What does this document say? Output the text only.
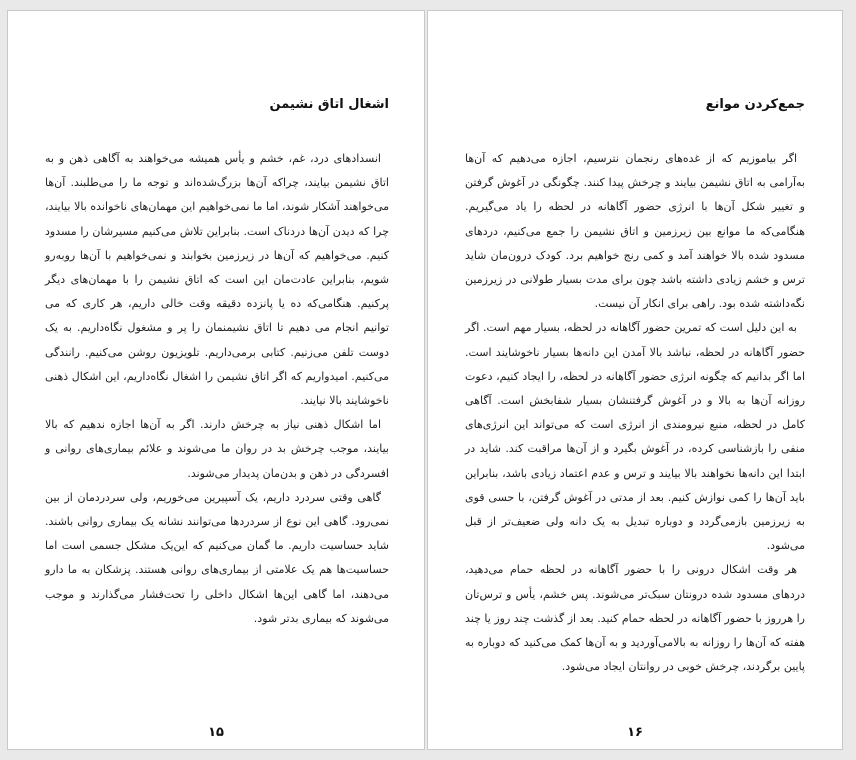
اشغال اتاق نشیمن

انسدادهای درد، غم، خشم و یأس همیشه می‌خواهند به آگاهی ذهن و به اتاق نشیمن بیایند، چراکه آن‌ها بزرگ‌شده‌اند و توجه ما را می‌طلبند. آن‌ها می‌خواهند آشکار شوند، اما ما نمی‌خواهیم این مهمان‌های ناخوانده بالا بیایند، چرا که دیدن آن‌ها دردناک است. بنابراین تلاش می‌کنیم مسیرشان را مسدود کنیم. می‌خواهیم که آن‌ها در زیرزمین بخوابند و نمی‌خواهیم با آن‌ها روبه‌رو شویم، بنابراین عادت‌مان این است که اتاق نشیمن را با مهمان‌های دیگر پرکنیم. هنگامی‌که ده یا پانزده دقیقه وقت خالی داریم، هر کاری که می توانیم انجام می دهیم تا اتاق نشیمنمان را پر و مشغول نگاه‌داریم. به یک دوست تلفن می‌زنیم. کتابی برمی‌داریم. تلویزیون روشن می‌کنیم. رانندگی می‌کنیم. امیدواریم که اگر اتاق نشیمن را اشغال نگاه‌داریم، این اشکال ذهنی ناخوشایند بالا نیایند.

اما اشکال ذهنی نیاز به چرخش دارند. اگر به آن‌ها اجازه ندهیم که بالا بیایند، موجب چرخش بد در روان ما می‌شوند و علائم بیماری‌های روانی و افسردگی در ذهن و بدن‌مان پدیدار می‌شوند.

گاهی وقتی سردرد داریم، یک آسپیرین می‌خوریم، ولی سردردمان از بین نمی‌رود. گاهی این نوع از سردردها می‌توانند نشانه یک بیماری روانی باشند. شاید حساسیت داریم. ما گمان می‌کنیم که این‌یک مشکل جسمی است اما حساسیت‌ها هم یک علامتی از بیماری‌های روانی هستند. پزشکان به ما دارو می‌دهند، اما گاهی این‌ها اشکال داخلی را تحت‌فشار می‌گذارند و موجب می‌شوند که بیماری بدتر شود.

۱۵
جمع‌کردن موانع

اگر بیاموزیم که از غده‌های رنجمان نترسیم، اجازه می‌دهیم که آن‌ها به‌آرامی به اتاق نشیمن بیایند و چرخش پیدا کنند. چگونگی در آغوش گرفتن و تغییر شکل آن‌ها با انرژی حضور آگاهانه در لحظه را یاد می‌گیریم. هنگامی‌که ما موانع بین زیرزمین و اتاق نشیمن را جمع می‌کنیم، دردهای مسدود شده بالا خواهند آمد و کمی رنج خواهیم برد. کودک درون‌مان شاید ترس و خشم زیادی داشته باشد چون برای مدت بسیار طولانی در زیرزمین نگه‌داشته شده بود. راهی برای انکار آن نیست.

به این دلیل است که تمرین حضور آگاهانه در لحظه، بسیار مهم است. اگر حضور آگاهانه در لحظه، نباشد بالا آمدن این دانه‌ها بسیار ناخوشایند است. اما اگر بدانیم که چگونه انرژی حضور آگاهانه در لحظه، را ایجاد کنیم، دعوت روزانه آن‌ها به بالا و در آغوش گرفتنشان بسیار شفابخش است. آگاهی کامل در لحظه، منبع نیرومندی از انرژی است که می‌تواند این انرژی‌های منفی را بازشناسی کرده، در آغوش بگیرد و از آن‌ها مراقبت کند. شاید در ابتدا این دانه‌ها نخواهند بالا بیایند و ترس و عدم اعتماد زیادی باشد، بنابراین باید آن‌ها را کمی نوازش کنیم. بعد از مدتی در آغوش گرفتن، با حسی قوی به زیرزمین بازمی‌گردد و دوباره تبدیل به یک دانه ولی ضعیف‌تر از قبل می‌شود.

هر وقت اشکال درونی را با حضور آگاهانه در لحظه حمام می‌دهید، دردهای مسدود شده درونتان سبک‌تر می‌شوند. پس خشم، یأس و ترس‌تان را هرروز با حضور آگاهانه در لحظه حمام کنید. بعد از گذشت چند روز یا چند هفته که آن‌ها را روزانه به بالامی‌آوردید و به آن‌ها کمک می‌کنید که دوباره به پایین برگردند، چرخش خوبی در روانتان ایجاد می‌شود.

۱۶
